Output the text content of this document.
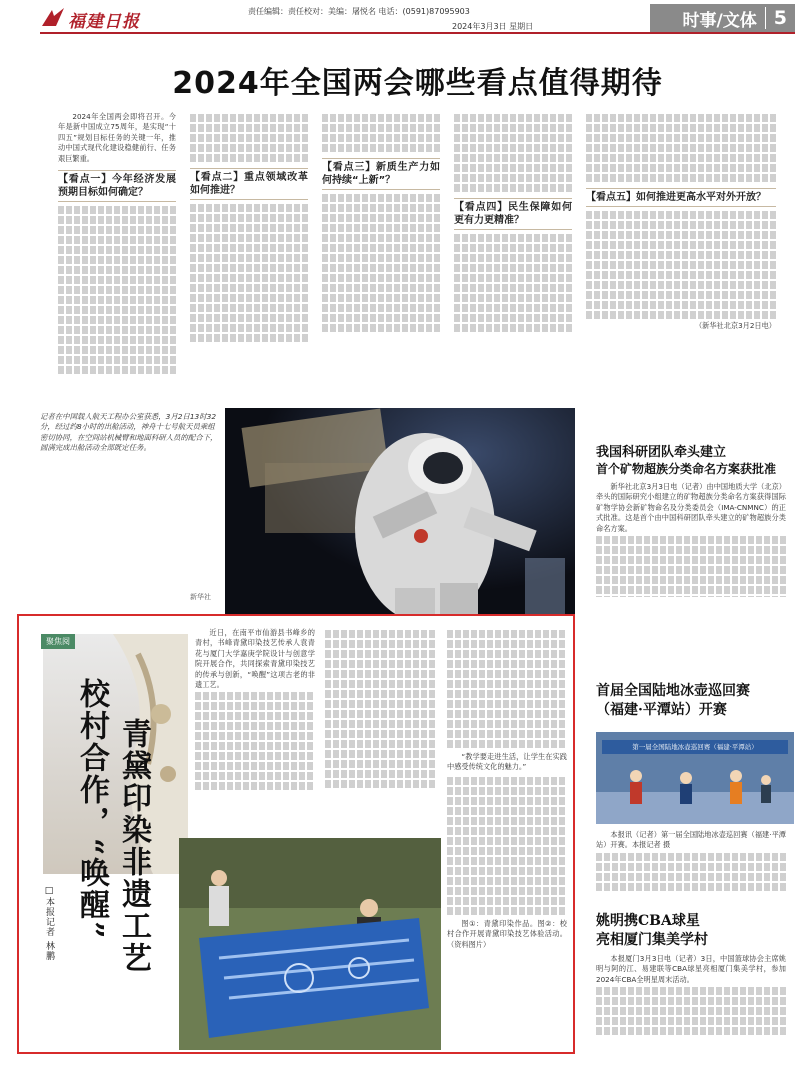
福建日报
责任编辑：责任校对：美编：屠悦名 电话：(0591)87095903
2024年3月3日 星期日	时事/文体 5
2024年全国两会哪些看点值得期待

2024年全国两会即将召开。今年是新中国成立75周年，是实现“十四五”规划目标任务的关键一年，推动中国式现代化建设稳健前行、任务艰巨繁重。

【看点一】今年经济发展预期目标如何确定？
【看点二】重点领域改革如何推进？
【看点三】新质生产力如何持续“上新”？
【看点四】民生保障如何更有力更精准？
【看点五】如何推进更高水平对外开放？
（新华社北京3月2日电）
记者在中国载人航天工程办公室获悉，3月2日13时32分，经过约8小时的出舱活动，神舟十七号航天员乘组密切协同，在空间站机械臂和地面科研人员的配合下，圆满完成出舱活动全部既定任务。
新华社
我国科研团队牵头建立
首个矿物超族分类命名方案获批准

新华社北京3月3日电（记者）由中国地质大学（北京）牵头的国际研究小组建立的矿物超族分类命名方案获得国际矿物学协会新矿物命名及分类委员会（IMA-CNMNC）的正式批准。这是首个由中国科研团队牵头建立的矿物超族分类命名方案。

首届全国陆地冰壶巡回赛
（福建·平潭站）开赛
第一届全国陆地冰壶巡回赛（福建·平潭站）

本报讯（记者）第一届全国陆地冰壶巡回赛（福建·平潭站）开赛。本报记者 摄

姚明携CBA球星
亮相厦门集美学村

本报厦门3月3日电（记者）3日，中国篮球协会主席姚明与阿的江、易建联等CBA球星亮相厦门集美学村，参加2024年CBA全明星周末活动。

聚焦阅
青黛印染非遗工艺
校村合作，“唤醒”
□本报记者 林鹏

近日，在南平市仙游县书峰乡的青村，书峰青黛印染技艺传承人袁青花与厦门大学嘉庚学院设计与创意学院开展合作，共同探索青黛印染技艺的传承与创新，“唤醒”这项古老的非遗工艺。

“教学要走进生活，让学生在实践中感受传统文化的魅力。”

图①：青黛印染作品。图②：校村合作开展青黛印染技艺体验活动。（资料图片）
